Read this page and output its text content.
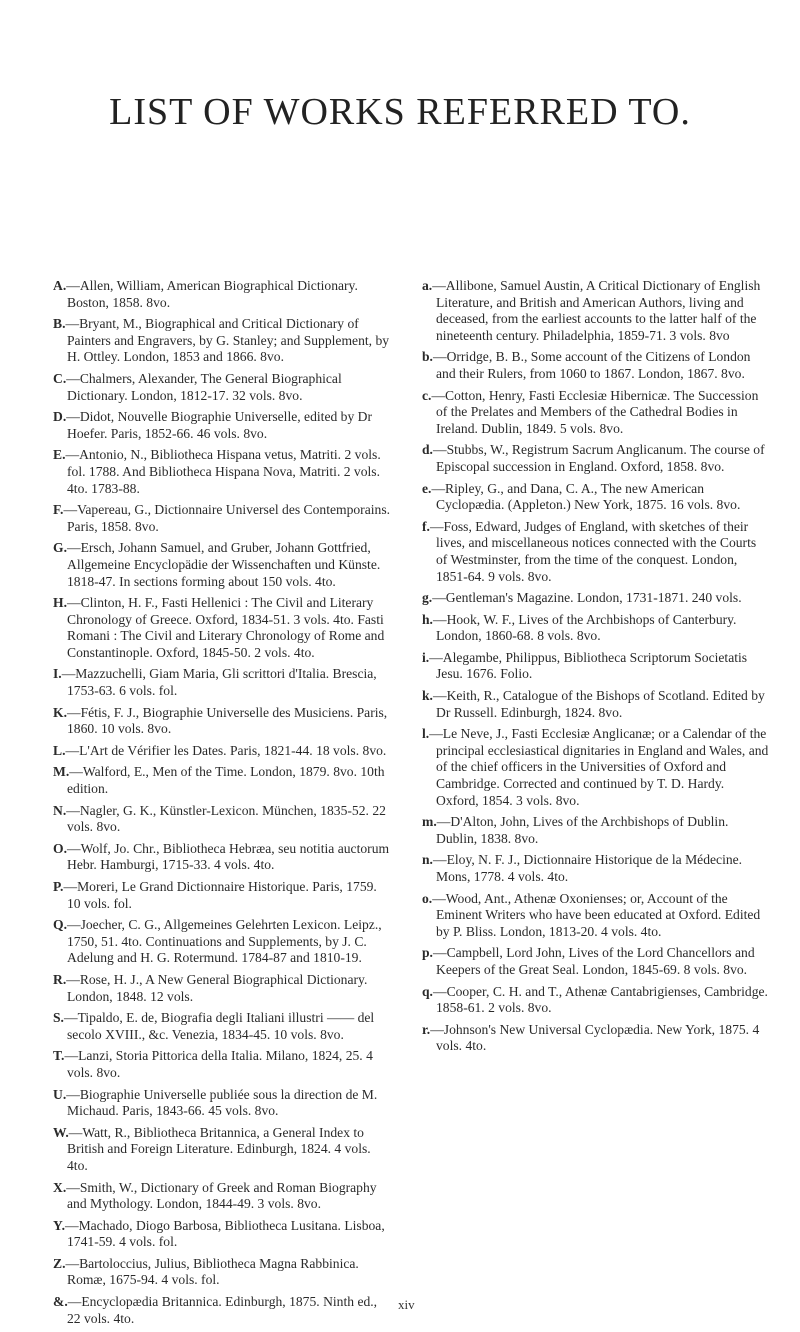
LIST OF WORKS REFERRED TO.

A.—Allen, William, American Biographical Dictionary. Boston, 1858. 8vo.

B.—Bryant, M., Biographical and Critical Dictionary of Painters and Engravers, by G. Stanley; and Supplement, by H. Ottley. London, 1853 and 1866. 8vo.

C.—Chalmers, Alexander, The General Biographical Dictionary. London, 1812-17. 32 vols. 8vo.

D.—Didot, Nouvelle Biographie Universelle, edited by Dr Hoefer. Paris, 1852-66. 46 vols. 8vo.

E.—Antonio, N., Bibliotheca Hispana vetus, Matriti. 2 vols. fol. 1788. And Bibliotheca Hispana Nova, Matriti. 2 vols. 4to. 1783-88.

F.—Vapereau, G., Dictionnaire Universel des Contemporains. Paris, 1858. 8vo.

G.—Ersch, Johann Samuel, and Gruber, Johann Gottfried, Allgemeine Encyclopädie der Wissenchaften und Künste. 1818-47. In sections forming about 150 vols. 4to.

H.—Clinton, H. F., Fasti Hellenici : The Civil and Literary Chronology of Greece. Oxford, 1834-51. 3 vols. 4to. Fasti Romani : The Civil and Literary Chronology of Rome and Constantinople. Oxford, 1845-50. 2 vols. 4to.

I.—Mazzuchelli, Giam Maria, Gli scrittori d'Italia. Brescia, 1753-63. 6 vols. fol.

K.—Fétis, F. J., Biographie Universelle des Musiciens. Paris, 1860. 10 vols. 8vo.

L.—L'Art de Vérifier les Dates. Paris, 1821-44. 18 vols. 8vo.

M.—Walford, E., Men of the Time. London, 1879. 8vo. 10th edition.

N.—Nagler, G. K., Künstler-Lexicon. München, 1835-52. 22 vols. 8vo.

O.—Wolf, Jo. Chr., Bibliotheca Hebræa, seu notitia auctorum Hebr. Hamburgi, 1715-33. 4 vols. 4to.

P.—Moreri, Le Grand Dictionnaire Historique. Paris, 1759. 10 vols. fol.

Q.—Joecher, C. G., Allgemeines Gelehrten Lexicon. Leipz., 1750, 51. 4to. Continuations and Supplements, by J. C. Adelung and H. G. Rotermund. 1784-87 and 1810-19.

R.—Rose, H. J., A New General Biographical Dictionary. London, 1848. 12 vols.

S.—Tipaldo, E. de, Biografia degli Italiani illustri —— del secolo XVIII., &c. Venezia, 1834-45. 10 vols. 8vo.

T.—Lanzi, Storia Pittorica della Italia. Milano, 1824, 25. 4 vols. 8vo.

U.—Biographie Universelle publiée sous la direction de M. Michaud. Paris, 1843-66. 45 vols. 8vo.

W.—Watt, R., Bibliotheca Britannica, a General Index to British and Foreign Literature. Edinburgh, 1824. 4 vols. 4to.

X.—Smith, W., Dictionary of Greek and Roman Biography and Mythology. London, 1844-49. 3 vols. 8vo.

Y.—Machado, Diogo Barbosa, Bibliotheca Lusitana. Lisboa, 1741-59. 4 vols. fol.

Z.—Bartoloccius, Julius, Bibliotheca Magna Rabbinica. Romæ, 1675-94. 4 vols. fol.

&.—Encyclopædia Britannica. Edinburgh, 1875. Ninth ed., 22 vols. 4to.

a.—Allibone, Samuel Austin, A Critical Dictionary of English Literature, and British and American Authors, living and deceased, from the earliest accounts to the latter half of the nineteenth century. Philadelphia, 1859-71. 3 vols. 8vo

b.—Orridge, B. B., Some account of the Citizens of London and their Rulers, from 1060 to 1867. London, 1867. 8vo.

c.—Cotton, Henry, Fasti Ecclesiæ Hibernicæ. The Succession of the Prelates and Members of the Cathedral Bodies in Ireland. Dublin, 1849. 5 vols. 8vo.

d.—Stubbs, W., Registrum Sacrum Anglicanum. The course of Episcopal succession in England. Oxford, 1858. 8vo.

e.—Ripley, G., and Dana, C. A., The new American Cyclopædia. (Appleton.) New York, 1875. 16 vols. 8vo.

f.—Foss, Edward, Judges of England, with sketches of their lives, and miscellaneous notices connected with the Courts of Westminster, from the time of the conquest. London, 1851-64. 9 vols. 8vo.

g.—Gentleman's Magazine. London, 1731-1871. 240 vols.

h.—Hook, W. F., Lives of the Archbishops of Canterbury. London, 1860-68. 8 vols. 8vo.

i.—Alegambe, Philippus, Bibliotheca Scriptorum Societatis Jesu. 1676. Folio.

k.—Keith, R., Catalogue of the Bishops of Scotland. Edited by Dr Russell. Edinburgh, 1824. 8vo.

l.—Le Neve, J., Fasti Ecclesiæ Anglicanæ; or a Calendar of the principal ecclesiastical dignitaries in England and Wales, and of the chief officers in the Universities of Oxford and Cambridge. Corrected and continued by T. D. Hardy. Oxford, 1854. 3 vols. 8vo.

m.—D'Alton, John, Lives of the Archbishops of Dublin. Dublin, 1838. 8vo.

n.—Eloy, N. F. J., Dictionnaire Historique de la Médecine. Mons, 1778. 4 vols. 4to.

o.—Wood, Ant., Athenæ Oxonienses; or, Account of the Eminent Writers who have been educated at Oxford. Edited by P. Bliss. London, 1813-20. 4 vols. 4to.

p.—Campbell, Lord John, Lives of the Lord Chancellors and Keepers of the Great Seal. London, 1845-69. 8 vols. 8vo.

q.—Cooper, C. H. and T., Athenæ Cantabrigienses, Cambridge. 1858-61. 2 vols. 8vo.

r.—Johnson's New Universal Cyclopædia. New York, 1875. 4 vols. 4to.

xiv
